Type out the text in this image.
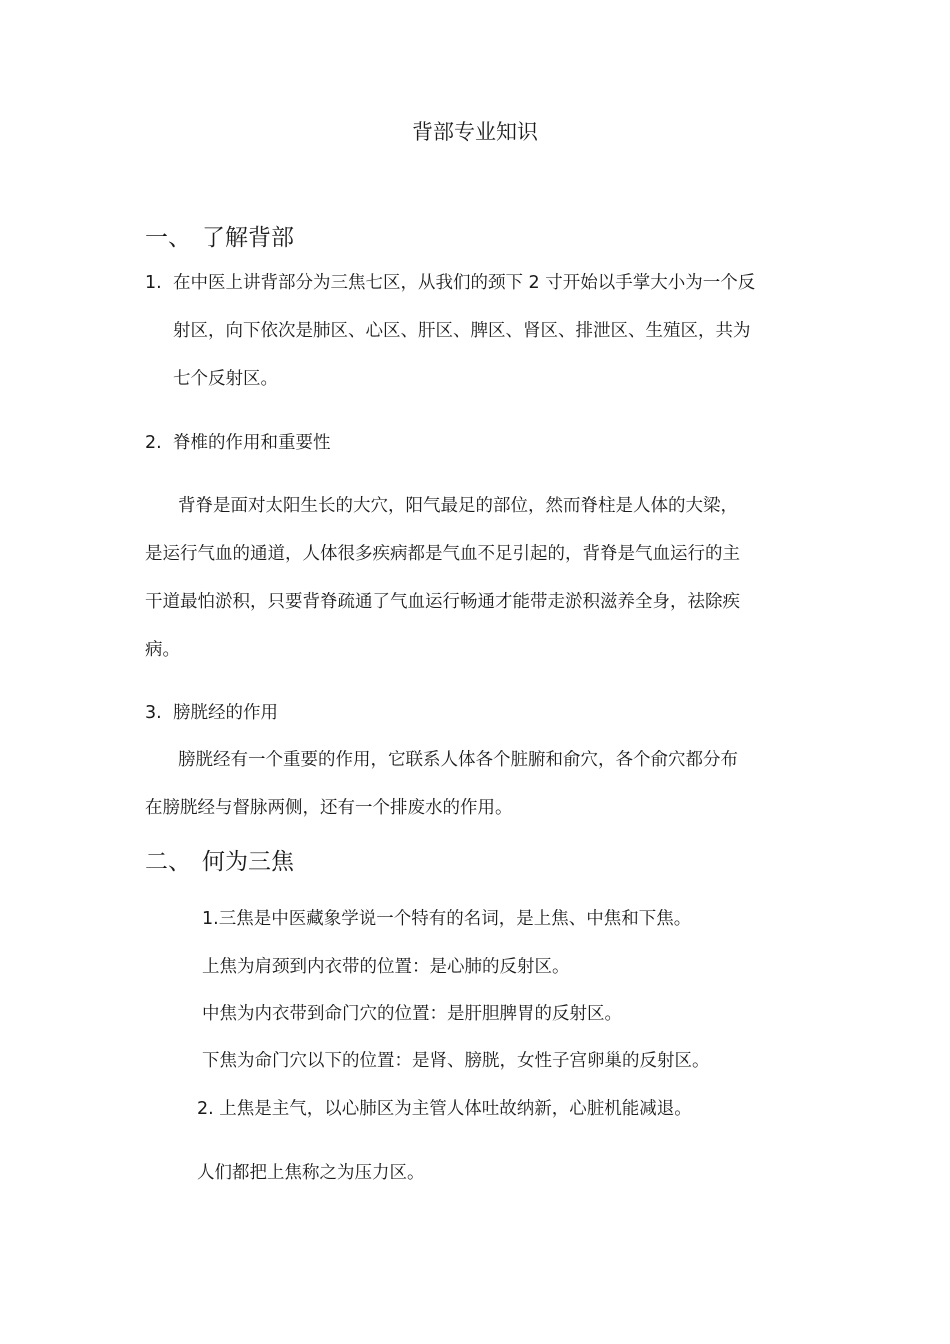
背部专业知识
一、 了解背部
1. 在中医上讲背部分为三焦七区，从我们的颈下 2 寸开始以手掌大小为一个反
射区，向下依次是肺区、心区、肝区、脾区、肾区、排泄区、生殖区，共为
七个反射区。
2. 脊椎的作用和重要性
背脊是面对太阳生长的大穴，阳气最足的部位，然而脊柱是人体的大梁，
是运行气血的通道，人体很多疾病都是气血不足引起的，背脊是气血运行的主
干道最怕淤积，只要背脊疏通了气血运行畅通才能带走淤积滋养全身，祛除疾
病。
3. 膀胱经的作用
膀胱经有一个重要的作用，它联系人体各个脏腑和俞穴，各个俞穴都分布
在膀胱经与督脉两侧，还有一个排废水的作用。
二、 何为三焦
1.三焦是中医藏象学说一个特有的名词，是上焦、中焦和下焦。
上焦为肩颈到内衣带的位置：是心肺的反射区。
中焦为内衣带到命门穴的位置：是肝胆脾胃的反射区。
下焦为命门穴以下的位置：是肾、膀胱，女性子宫卵巢的反射区。
2. 上焦是主气，以心肺区为主管人体吐故纳新，心脏机能减退。
人们都把上焦称之为压力区。
